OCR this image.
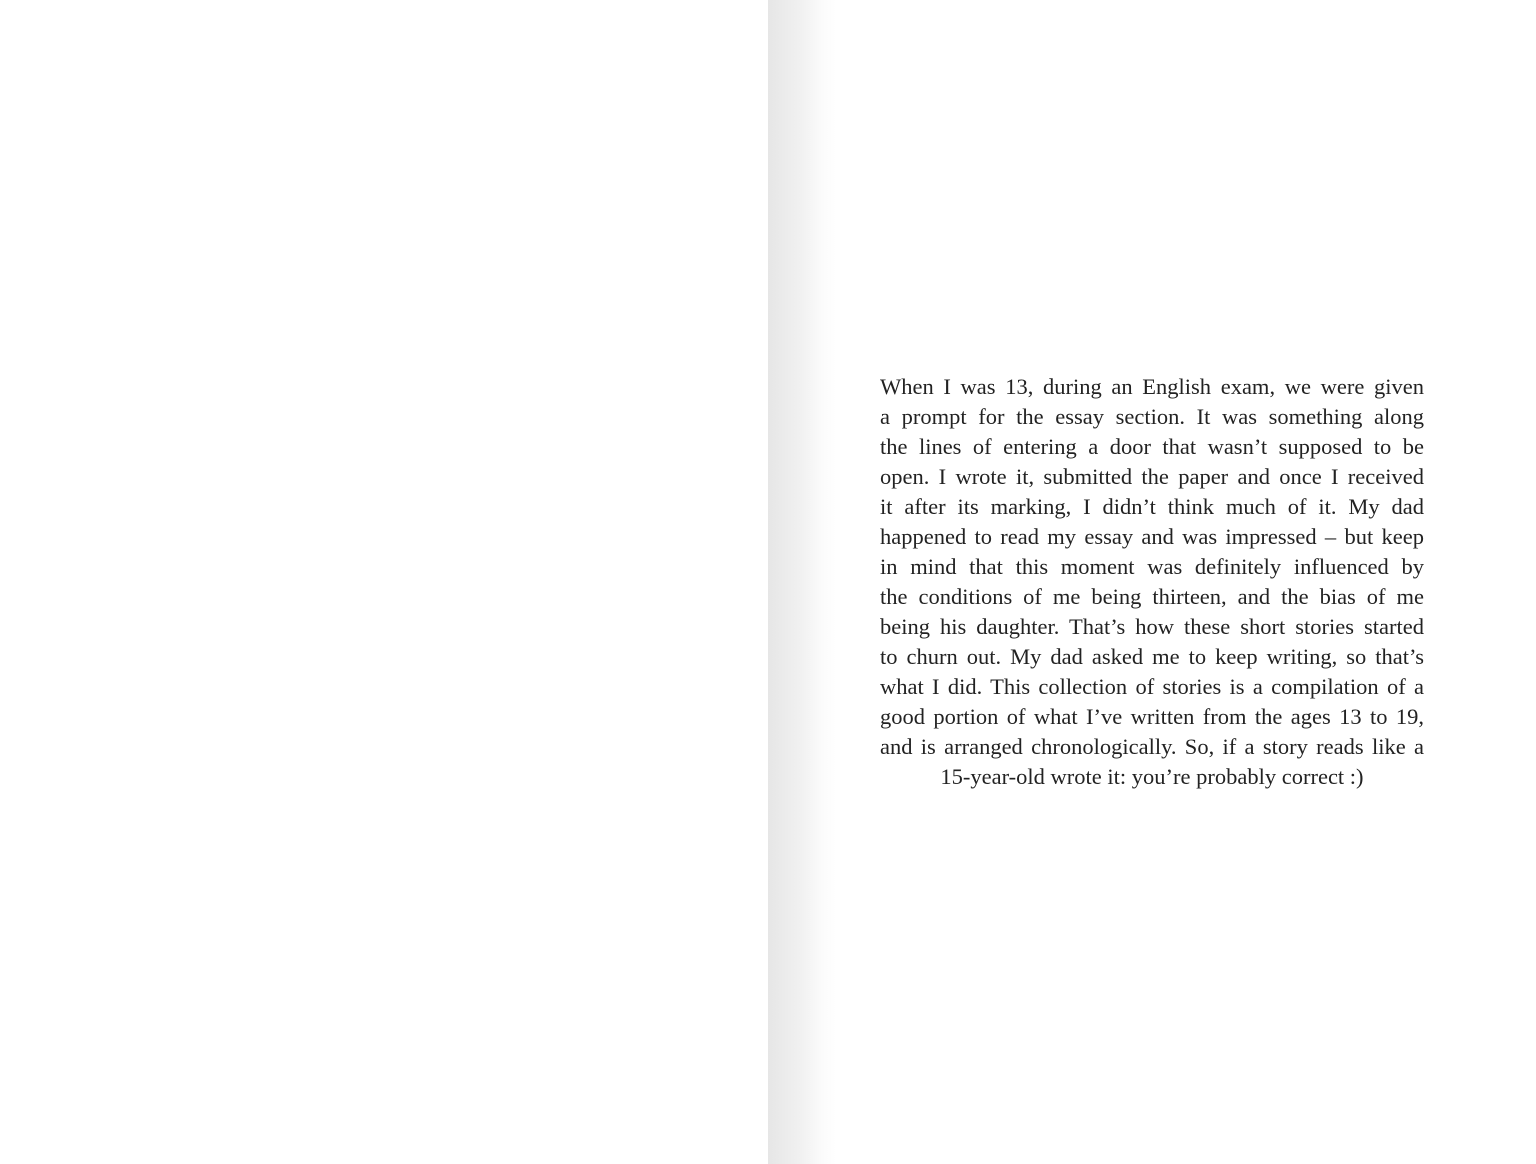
When I was 13, during an English exam, we were given
a prompt for the essay section. It was something along
the lines of entering a door that wasn’t supposed to be
open. I wrote it, submitted the paper and once I received
it after its marking, I didn’t think much of it. My dad
happened to read my essay and was impressed – but keep
in mind that this moment was definitely influenced by
the conditions of me being thirteen, and the bias of me
being his daughter. That’s how these short stories started
to churn out. My dad asked me to keep writing, so that’s
what I did. This collection of stories is a compilation of a
good portion of what I’ve written from the ages 13 to 19,
and is arranged chronologically. So, if a story reads like a
15-year-old wrote it: you’re probably correct :)
